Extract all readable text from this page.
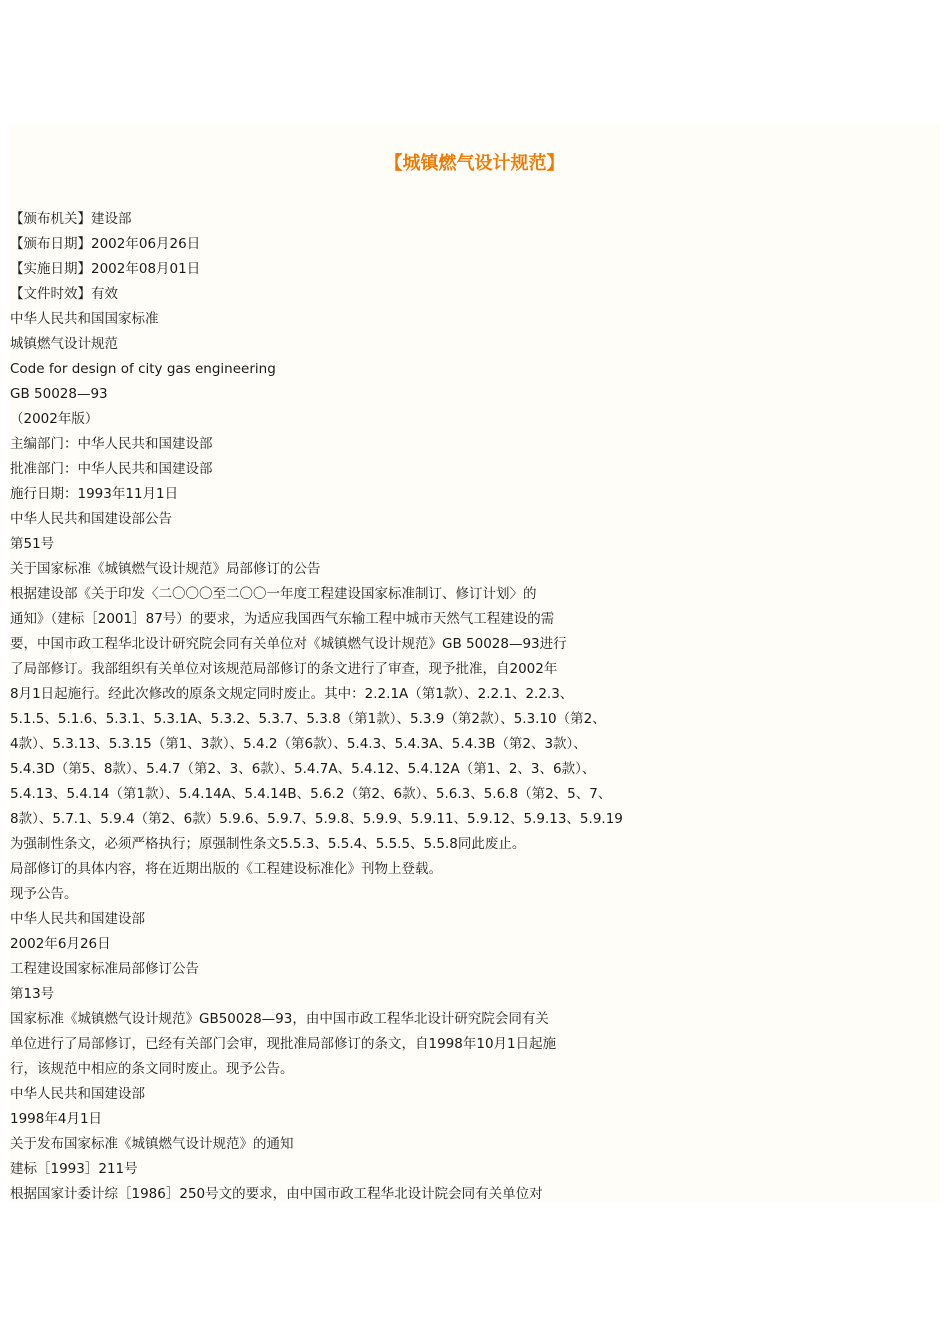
【城镇燃气设计规范】

【颁布机关】建设部

【颁布日期】2002年06月26日

【实施日期】2002年08月01日

【文件时效】有效

中华人民共和国国家标准

城镇燃气设计规范

Code for design of city gas engineering

GB 50028—93

（2002年版）

主编部门：中华人民共和国建设部

批准部门：中华人民共和国建设部

施行日期：1993年11月1日

中华人民共和国建设部公告

第51号

关于国家标准《城镇燃气设计规范》局部修订的公告

根据建设部《关于印发〈二〇〇〇至二〇〇一年度工程建设国家标准制订、修订计划〉的

通知》（建标［2001］87号）的要求，为适应我国西气东输工程中城市天然气工程建设的需

要，中国市政工程华北设计研究院会同有关单位对《城镇燃气设计规范》GB 50028—93进行

了局部修订。我部组织有关单位对该规范局部修订的条文进行了审查，现予批准，自2002年

8月1日起施行。经此次修改的原条文规定同时废止。其中：2.2.1A（第1款）、2.2.1、2.2.3、

5.1.5、5.1.6、5.3.1、5.3.1A、5.3.2、5.3.7、5.3.8（第1款）、5.3.9（第2款）、5.3.10（第2、

4款）、5.3.13、5.3.15（第1、3款）、5.4.2（第6款）、5.4.3、5.4.3A、5.4.3B（第2、3款）、

5.4.3D（第5、8款）、5.4.7（第2、3、6款）、5.4.7A、5.4.12、5.4.12A（第1、2、3、6款）、

5.4.13、5.4.14（第1款）、5.4.14A、5.4.14B、5.6.2（第2、6款）、5.6.3、5.6.8（第2、5、7、

8款）、5.7.1、5.9.4（第2、6款）5.9.6、5.9.7、5.9.8、5.9.9、5.9.11、5.9.12、5.9.13、5.9.19

为强制性条文，必须严格执行；原强制性条文5.5.3、5.5.4、5.5.5、5.5.8同此废止。

局部修订的具体内容，将在近期出版的《工程建设标准化》刊物上登载。

现予公告。

中华人民共和国建设部

2002年6月26日

工程建设国家标准局部修订公告

第13号

国家标准《城镇燃气设计规范》GB50028—93，由中国市政工程华北设计研究院会同有关

单位进行了局部修订，已经有关部门会审，现批准局部修订的条文，自1998年10月1日起施

行，该规范中相应的条文同时废止。现予公告。

中华人民共和国建设部

1998年4月1日

关于发布国家标准《城镇燃气设计规范》的通知

建标［1993］211号

根据国家计委计综［1986］250号文的要求，由中国市政工程华北设计院会同有关单位对
